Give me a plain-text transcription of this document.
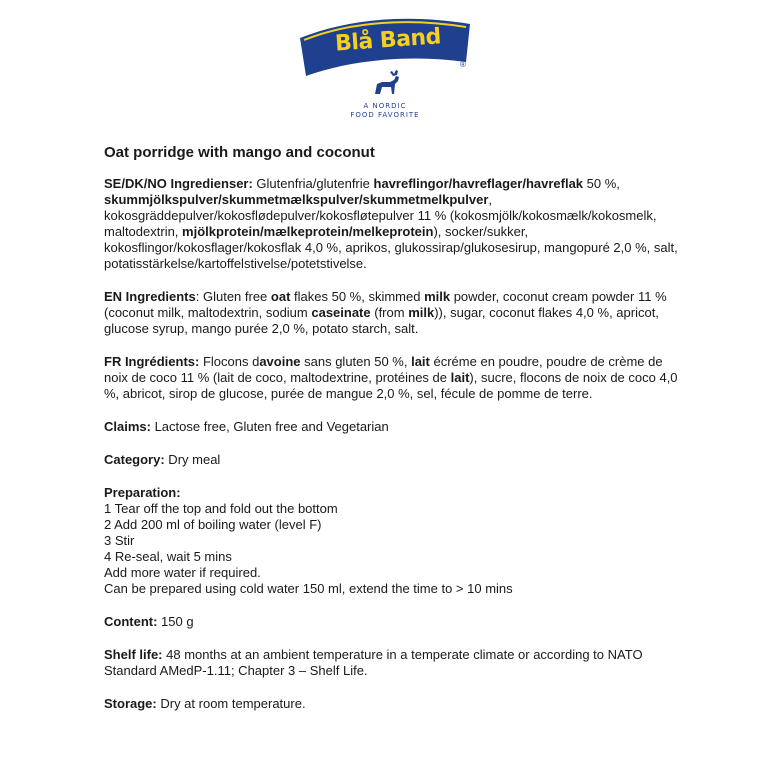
Blå Band
®
A NORDIC
FOOD FAVORITE
Oat porridge with mango and coconut
SE/DK/NO Ingredienser: Glutenfria/glutenfrie havreflingor/havreflager/havreflak 50 %, skummjölkspulver/skummetmælkspulver/skummetmelkpulver, kokosgräddepulver/kokosflødepulver/kokosfløtepulver 11 % (kokosmjölk/kokosmælk/kokosmelk, maltodextrin, mjölkprotein/mælkeprotein/melkeprotein), socker/sukker, kokosflingor/kokosflager/kokosflak 4,0 %, aprikos, glukossirap/glukosesirup, mangopuré 2,0 %, salt, potatisstärkelse/kartoffelstivelse/potetstivelse.
EN Ingredients: Gluten free oat flakes 50 %, skimmed milk powder, coconut cream powder 11 % (coconut milk, maltodextrin, sodium caseinate (from milk)), sugar, coconut flakes 4,0 %, apricot, glucose syrup, mango purée 2,0 %, potato starch, salt.
FR Ingrédients: Flocons davoine sans gluten 50 %, lait écréme en poudre, poudre de crème de noix de coco 11 % (lait de coco, maltodextrine, protéines de lait), sucre, flocons de noix de coco 4,0 %, abricot, sirop de glucose, purée de mangue 2,0 %, sel, fécule de pomme de terre.
Claims: Lactose free, Gluten free and Vegetarian
Category: Dry meal
Preparation:
1 Tear off the top and fold out the bottom
2 Add 200 ml of boiling water (level F)
3 Stir
4 Re-seal, wait 5 mins
Add more water if required.
Can be prepared using cold water 150 ml, extend the time to > 10 mins
Content: 150 g
Shelf life: 48 months at an ambient temperature in a temperate climate or according to NATO Standard AMedP-1.11; Chapter 3 – Shelf Life.
Storage: Dry at room temperature.
